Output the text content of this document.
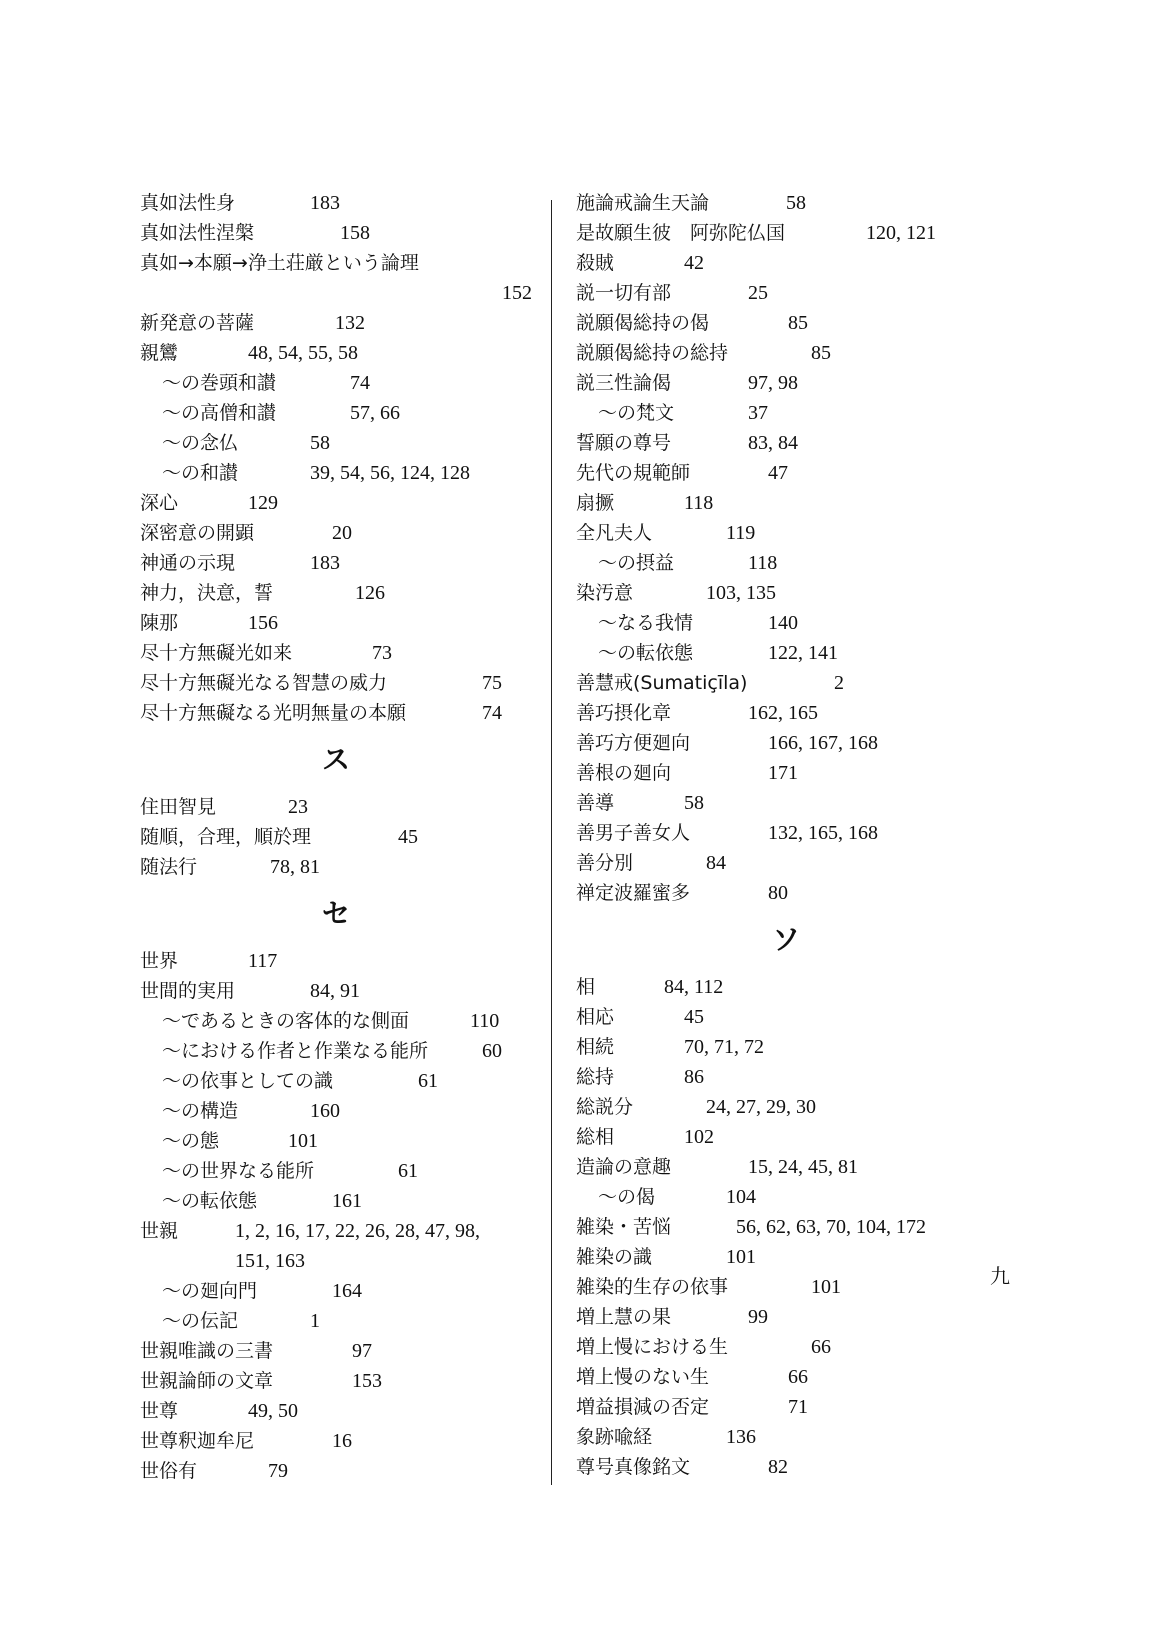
真如法性身	183
真如法性涅槃	158
真如→本願→浄土荘厳という論理
152
新発意の菩薩	132
親鸞	48, 54, 55, 58
～の巻頭和讃	74
～の高僧和讃	57, 66
～の念仏	58
～の和讃	39, 54, 56, 124, 128
深心	129
深密意の開顕	20
神通の示現	183
神力，決意，誓	126
陳那	156
尽十方無礙光如来	73
尽十方無礙光なる智慧の威力	75
尽十方無礙なる光明無量の本願	74
ス
住田智見	23
随順，合理，順於理	45
随法行	78, 81
セ
世界	117
世間的実用	84, 91
～であるときの客体的な側面	110
～における作者と作業なる能所	60
～の依事としての識	61
～の構造	160
～の態	101
～の世界なる能所	61
～の転依態	161
世親	1, 2, 16, 17, 22, 26, 28, 47, 98,
151, 163
～の廻向門	164
～の伝記	1
世親唯識の三書	97
世親論師の文章	153
世尊	49, 50
世尊釈迦牟尼	16
世俗有	79
施論戒論生天論	58
是故願生彼　阿弥陀仏国	120, 121
殺賊	42
説一切有部	25
説願偈総持の偈	85
説願偈総持の総持	85
説三性論偈	97, 98
～の梵文	37
誓願の尊号	83, 84
先代の規範師	47
扇撅	118
全凡夫人	119
～の摂益	118
染汚意	103, 135
～なる我情	140
～の転依態	122, 141
善慧戒(Sumatiçīla)	2
善巧摂化章	162, 165
善巧方便廻向	166, 167, 168
善根の廻向	171
善導	58
善男子善女人	132, 165, 168
善分別	84
禅定波羅蜜多	80
ソ
相	84, 112
相応	45
相続	70, 71, 72
総持	86
総説分	24, 27, 29, 30
総相	102
造論の意趣	15, 24, 45, 81
～の偈	104
雑染・苦悩	56, 62, 63, 70, 104, 172
雑染の識	101
雑染的生存の依事	101
増上慧の果	99
増上慢における生	66
増上慢のない生	66
増益損減の否定	71
象跡喩経	136
尊号真像銘文	82
九
